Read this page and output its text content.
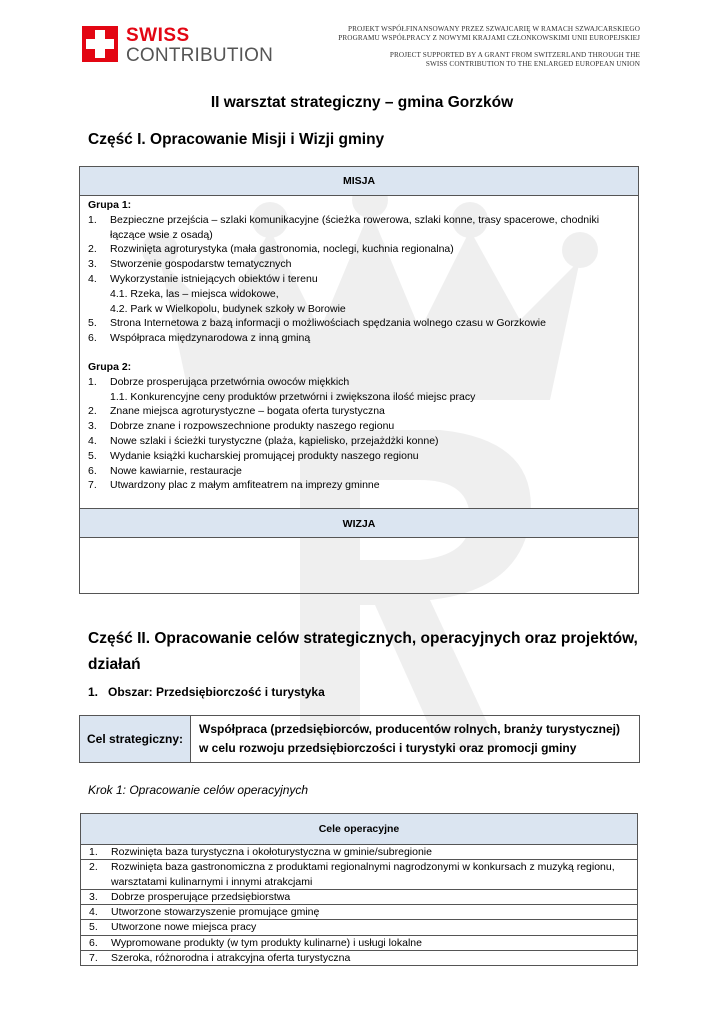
SWISS
CONTRIBUTION
PROJEKT WSPÓŁFINANSOWANY PRZEZ SZWAJCARIĘ W RAMACH SZWAJCARSKIEGO
PROGRAMU WSPÓŁPRACY Z NOWYMI KRAJAMI CZŁONKOWSKIMI UNII EUROPEJSKIEJ
PROJECT SUPPORTED BY A GRANT FROM SWITZERLAND THROUGH THE
SWISS CONTRIBUTION TO THE ENLARGED EUROPEAN UNION
II warsztat strategiczny – gmina Gorzków
Część I. Opracowanie Misji i Wizji gminy
MISJA
Grupa 1:
1.	Bezpieczne przejścia – szlaki komunikacyjne (ścieżka rowerowa, szlaki konne, trasy spacerowe, chodniki łączące wsie z osadą)
2.	Rozwinięta agroturystyka (mała gastronomia, noclegi, kuchnia regionalna)
3.	Stworzenie gospodarstw tematycznych
4.	Wykorzystanie istniejących obiektów i terenu
4.1. Rzeka, las – miejsca widokowe,
4.2. Park w Wielkopolu, budynek szkoły w Borowie
5.	Strona Internetowa z bazą informacji o możliwościach spędzania wolnego czasu w Gorzkowie
6.	Współpraca międzynarodowa z inną gminą
Grupa 2:
1.	Dobrze prosperująca przetwórnia owoców miękkich
1.1. Konkurencyjne ceny produktów przetwórni i zwiększona ilość miejsc pracy
2.	Znane miejsca agroturystyczne – bogata oferta turystyczna
3.	Dobrze znane i rozpowszechnione produkty naszego regionu
4.	Nowe szlaki i ścieżki turystyczne (plaża, kąpielisko, przejażdżki konne)
5.	Wydanie książki kucharskiej promującej produkty naszego regionu
6.	Nowe kawiarnie, restauracje
7.	Utwardzony plac z małym amfiteatrem na imprezy gminne
WIZJA
Część II. Opracowanie celów strategicznych, operacyjnych oraz projektów, działań
1. Obszar: Przedsiębiorczość i turystyka
Cel strategiczny:
Współpraca (przedsiębiorców, producentów rolnych, branży turystycznej) w celu rozwoju przedsiębiorczości i turystyki oraz promocji gminy
Krok 1: Opracowanie celów operacyjnych
Cele operacyjne
1.	Rozwinięta baza turystyczna i okołoturystyczna w gminie/subregionie
2.	Rozwinięta baza gastronomiczna z produktami regionalnymi nagrodzonymi w konkursach z muzyką regionu, warsztatami kulinarnymi i innymi atrakcjami
3.	Dobrze prosperujące przedsiębiorstwa
4.	Utworzone stowarzyszenie promujące gminę
5.	Utworzone nowe miejsca pracy
6.	Wypromowane produkty (w tym produkty kulinarne) i usługi lokalne
7.	Szeroka, różnorodna i atrakcyjna oferta turystyczna
